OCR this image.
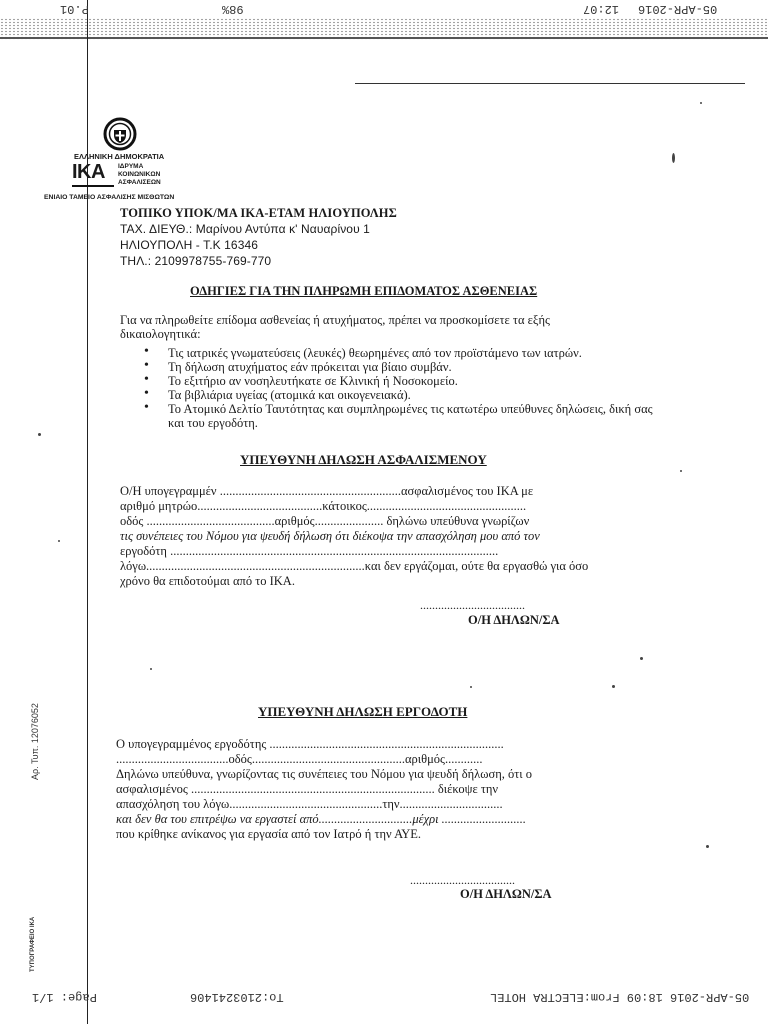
P.01	98%	12:07 05-APR-2016
Page: 1/1	To:2103241406	05-APR-2016 18:09 From:ELECTRA HOTEL
ΕΛΛΗΝΙΚΗ ΔΗΜΟΚΡΑΤΙΑ
ΙΚΑ ΙΔΡΥΜΑ
ΚΟΙΝΩΝΙΚΩΝ
ΑΣΦΑΛΙΣΕΩΝ
ΕΝΙΑΙΟ ΤΑΜΕΙΟ ΑΣΦΑΛΙΣΗΣ ΜΙΣΘΩΤΩΝ
ΤΟΠΙΚΟ ΥΠΟΚ/ΜΑ ΙΚΑ-ΕΤΑΜ ΗΛΙΟΥΠΟΛΗΣ
ΤΑΧ. ΔΙΕΥΘ.: Μαρίνου Αντύπα κ' Ναυαρίνου 1
ΗΛΙΟΥΠΟΛΗ - Τ.Κ 16346
ΤΗΛ.: 2109978755-769-770
ΟΔΗΓΙΕΣ ΓΙΑ ΤΗΝ ΠΛΗΡΩΜΗ ΕΠΙΔΟΜΑΤΟΣ ΑΣΘΕΝΕΙΑΣ
Για να πληρωθείτε επίδομα ασθενείας ή ατυχήματος, πρέπει να προσκομίσετε τα εξής
δικαιολογητικά:
• Τις ιατρικές γνωματεύσεις (λευκές) θεωρημένες από τον προϊστάμενο των ιατρών.
• Τη δήλωση ατυχήματος εάν πρόκειται για βίαιο συμβάν.
• Το εξιτήριο αν νοσηλευτήκατε σε Κλινική ή Νοσοκομείο.
• Τα βιβλιάρια υγείας (ατομικά και οικογενειακά).
• Το Ατομικό Δελτίο Ταυτότητας και συμπληρωμένες τις κατωτέρω υπεύθυνες δηλώσεις, δική σας και του εργοδότη.
ΥΠΕΥΘΥΝΗ ΔΗΛΩΣΗ ΑΣΦΑΛΙΣΜΕΝΟΥ
Ο/Η υπογεγραμμέν ..........................................................ασφαλισμένος του ΙΚΑ με
αριθμό μητρώο........................................κάτοικος...................................................
οδός .........................................αριθμός...................... δηλώνω υπεύθυνα γνωρίζων
τις συνέπειες του Νόμου για ψευδή δήλωση ότι διέκοψα την απασχόληση μου από τον
εργοδότη .........................................................................................................
λόγω......................................................................και δεν εργάζομαι, ούτε θα εργασθώ για όσο
χρόνο θα επιδοτούμαι από το ΙΚΑ.
...................................
Ο/Η ΔΗΛΩΝ/ΣΑ
ΥΠΕΥΘΥΝΗ ΔΗΛΩΣΗ ΕΡΓΟΔΟΤΗ
Ο υπογεγραμμένος εργοδότης ...........................................................................
....................................οδός.................................................αριθμός............
Δηλώνω υπεύθυνα, γνωρίζοντας τις συνέπειες του Νόμου για ψευδή δήλωση, ότι ο
ασφαλισμένος .............................................................................. διέκοψε την
απασχόληση του λόγω.................................................την.................................
και δεν θα του επιτρέψω να εργαστεί από..............................μέχρι ...........................
που κρίθηκε ανίκανος για εργασία από τον Ιατρό ή την ΑΥΕ.
...................................
Ο/Η ΔΗΛΩΝ/ΣΑ
Αρ. Τυπ. 12076052
ΤΥΠΟΓΡΑΦΕΙΟ ΙΚΑ
